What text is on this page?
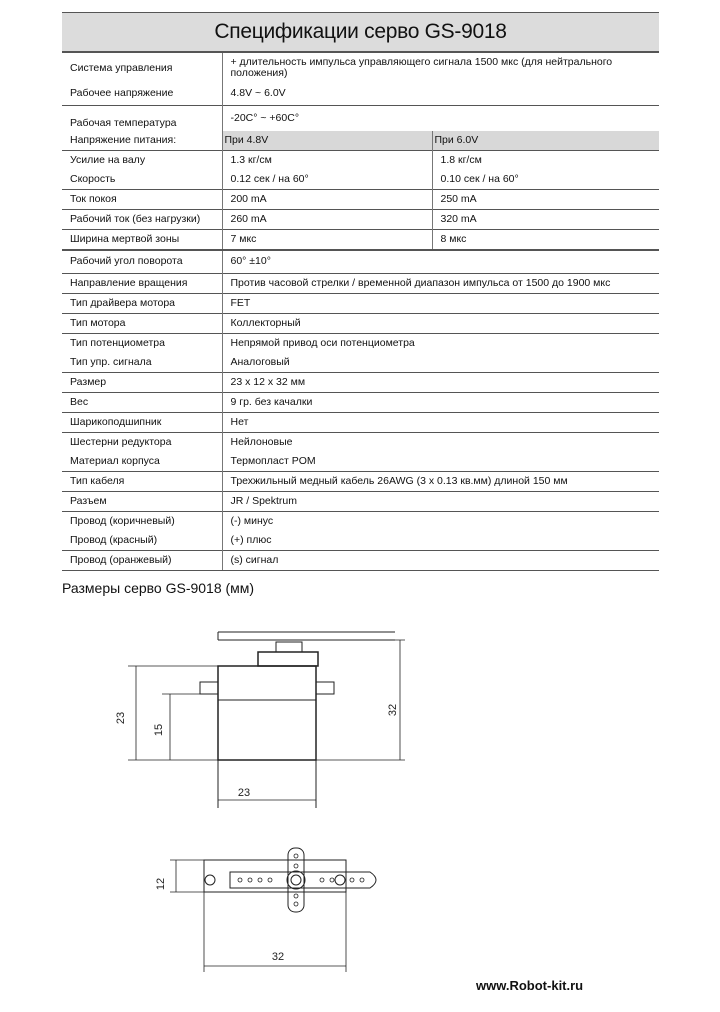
Спецификации серво GS-9018
Система управления	+ длительность импульса управляющего сигнала 1500 мкс (для нейтрального положения)	
Рабочее напряжение	4.8V ~ 6.0V	
Рабочая температура	-20C° ~ +60C°	
Напряжение питания:	При 4.8V	При 6.0V
Усилие на валу	1.3 кг/см	1.8 кг/см
Скорость	0.12 сек / на 60°	0.10 сек / на 60°
Ток покоя	200 mA	250 mA
Рабочий ток (без нагрузки)	260 mA	320 mA
Ширина мертвой зоны	7 мкс	8 мкс
Рабочий угол поворота	60° ±10°	
Направление вращения	Против часовой стрелки / временной диапазон импульса от 1500 до 1900 мкс	
Тип драйвера мотора	FET	
Тип мотора	Коллекторный	
Тип потенциометра	Непрямой привод оси потенциометра	
Тип упр. сигнала	Аналоговый	
Размер	23 x 12 x 32 мм	
Вес	9 гр. без качалки	
Шарикоподшипник	Нет	
Шестерни редуктора	Нейлоновые	
Материал корпуса	Термопласт POM	
Тип кабеля	Трехжильный медный кабель 26AWG (3 x 0.13 кв.мм) длиной 150 мм	
Разъем	JR / Spektrum	
Провод (коричневый)	(-) минус	
Провод (красный)	(+) плюс	
Провод (оранжевый)	(s) сигнал	
Размеры серво GS-9018 (мм)
23
15
32
23
12
32
www.Robot-kit.ru
